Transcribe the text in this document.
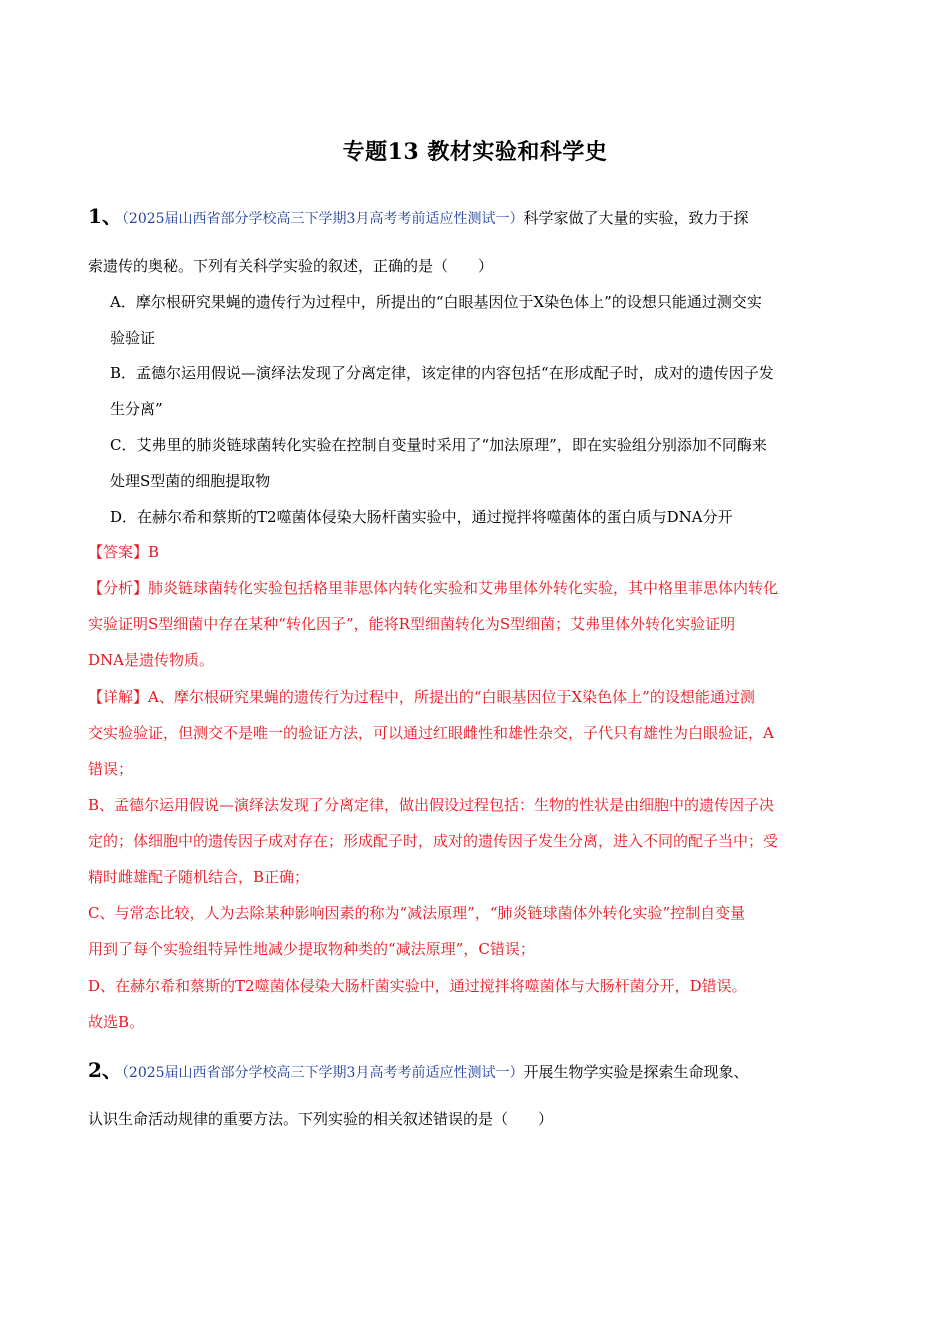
专题13 教材实验和科学史
1、（2025届山西省部分学校高三下学期3月高考考前适应性测试一）科学家做了大量的实验，致力于探
索遗传的奥秘。下列有关科学实验的叙述，正确的是（　　）
A．摩尔根研究果蝇的遗传行为过程中，所提出的“白眼基因位于X染色体上”的设想只能通过测交实
验验证
B．孟德尔运用假说—演绎法发现了分离定律，该定律的内容包括“在形成配子时，成对的遗传因子发
生分离”
C．艾弗里的肺炎链球菌转化实验在控制自变量时采用了“加法原理”，即在实验组分别添加不同酶来
处理S型菌的细胞提取物
D．在赫尔希和蔡斯的T2噬菌体侵染大肠杆菌实验中，通过搅拌将噬菌体的蛋白质与DNA分开
【答案】B
【分析】肺炎链球菌转化实验包括格里菲思体内转化实验和艾弗里体外转化实验，其中格里菲思体内转化
实验证明S型细菌中存在某种“转化因子”，能将R型细菌转化为S型细菌；艾弗里体外转化实验证明
DNA是遗传物质。
【详解】A、摩尔根研究果蝇的遗传行为过程中，所提出的“白眼基因位于X染色体上”的设想能通过测
交实验验证，但测交不是唯一的验证方法，可以通过红眼雌性和雄性杂交，子代只有雄性为白眼验证，A
错误；
B、孟德尔运用假说—演绎法发现了分离定律，做出假设过程包括：生物的性状是由细胞中的遗传因子决
定的；体细胞中的遗传因子成对存在；形成配子时，成对的遗传因子发生分离，进入不同的配子当中；受
精时雌雄配子随机结合，B正确；
C、与常态比较，人为去除某种影响因素的称为“减法原理”，“肺炎链球菌体外转化实验”控制自变量
用到了每个实验组特异性地减少提取物种类的“减法原理”，C错误；
D、在赫尔希和蔡斯的T2噬菌体侵染大肠杆菌实验中，通过搅拌将噬菌体与大肠杆菌分开，D错误。
故选B。
2、（2025届山西省部分学校高三下学期3月高考考前适应性测试一）开展生物学实验是探索生命现象、
认识生命活动规律的重要方法。下列实验的相关叙述错误的是（　　）
